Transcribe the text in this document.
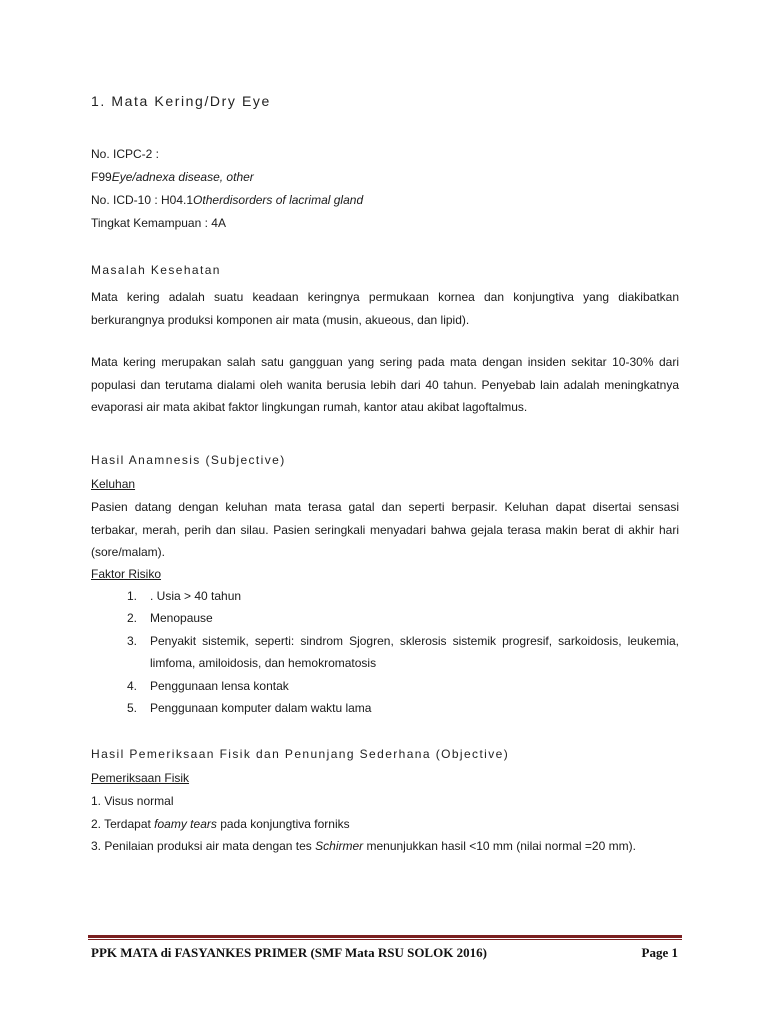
1. Mata Kering/Dry Eye
No. ICPC-2 :
F99Eye/adnexa disease, other
No. ICD-10 : H04.1Otherdisorders of lacrimal gland
Tingkat Kemampuan : 4A
Masalah Kesehatan
Mata kering adalah suatu keadaan keringnya permukaan kornea dan konjungtiva yang diakibatkan berkurangnya produksi komponen air mata (musin, akueous, dan lipid).
Mata kering merupakan salah satu gangguan yang sering pada mata dengan insiden sekitar 10-30% dari populasi dan terutama dialami oleh wanita berusia lebih dari 40 tahun. Penyebab lain adalah meningkatnya evaporasi air mata akibat faktor lingkungan rumah, kantor atau akibat lagoftalmus.
Hasil Anamnesis (Subjective)
Keluhan
Pasien datang dengan keluhan mata terasa gatal dan seperti berpasir. Keluhan dapat disertai sensasi terbakar, merah, perih dan silau. Pasien seringkali menyadari bahwa gejala terasa makin berat di akhir hari (sore/malam).
Faktor Risiko
1.	. Usia > 40 tahun
2.	Menopause
3.	Penyakit sistemik, seperti: sindrom Sjogren, sklerosis sistemik progresif, sarkoidosis, leukemia, limfoma, amiloidosis, dan hemokromatosis
4.	Penggunaan lensa kontak
5.	Penggunaan komputer dalam waktu lama
Hasil Pemeriksaan Fisik dan Penunjang Sederhana (Objective)
Pemeriksaan Fisik
1. Visus normal
2. Terdapat foamy tears pada konjungtiva forniks
3. Penilaian produksi air mata dengan tes Schirmer menunjukkan hasil <10 mm (nilai normal =20 mm).
PPK MATA di FASYANKES PRIMER (SMF Mata RSU SOLOK 2016)	Page 1
